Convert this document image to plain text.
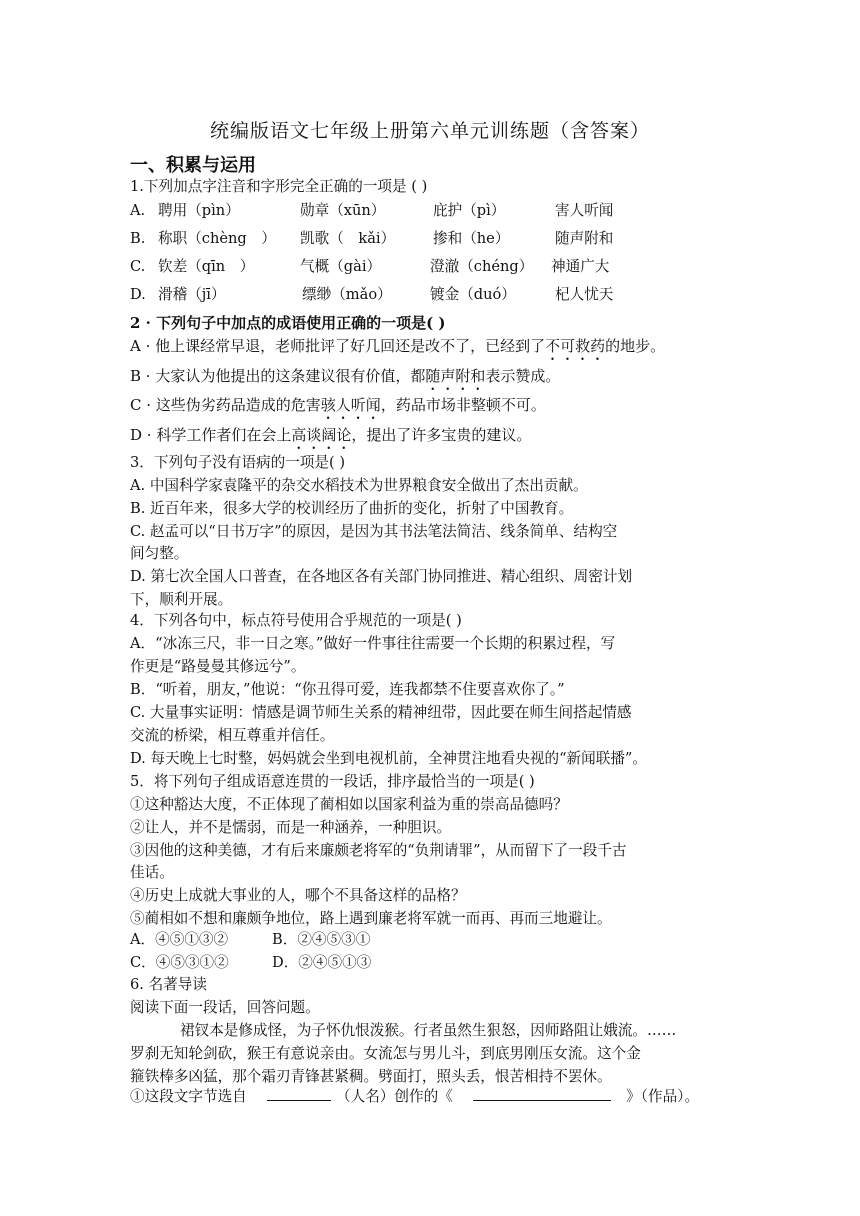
统编版语文七年级上册第六单元训练题（含答案）
一、积累与运用
1.下列加点字注音和字形完全正确的一项是 ( )
A. 聘用（pìn）	勋章（xūn）	庇护（pì）	害人听闻
B. 称职（chèng　） 凯歌（　kǎi）	掺和（he）	随声附和
C. 钦差（qīn　）	气概（gài）	澄澈（chéng） 神通广大
D. 滑稽（jī）	缥缈（mǎo）	镀金（duó）	杞人忧天
2 · 下列句子中加点的成语使用正确的一项是( )
A · 他上课经常早退，老师批评了好几回还是改不了，已经到了不可救药的地步。
B · 大家认为他提出的这条建议很有价值，都随声附和表示赞成。
C · 这些伪劣药品造成的危害骇人听闻，药品市场非整顿不可。
D · 科学工作者们在会上高谈阔论，提出了许多宝贵的建议。
3．下列句子没有语病的一项是( )
A. 中国科学家袁隆平的杂交水稻技术为世界粮食安全做出了杰出贡献。
B. 近百年来，很多大学的校训经历了曲折的变化，折射了中国教育。
C. 赵孟可以“日书万字”的原因，是因为其书法笔法简洁、线条简单、结构空
间匀整。
D. 第七次全国人口普查，在各地区各有关部门协同推进、精心组织、周密计划
下，顺利开展。
4．下列各句中，标点符号使用合乎规范的一项是( )
A．“冰冻三尺，非一日之寒。”做好一件事往往需要一个长期的积累过程，写
作更是“路曼曼其修远兮”。
B．“听着，朋友，”他说：“你丑得可爱，连我都禁不住要喜欢你了。”
C. 大量事实证明：情感是调节师生关系的精神纽带，因此要在师生间搭起情感
交流的桥梁，相互尊重并信任。
D. 每天晚上七时整，妈妈就会坐到电视机前，全神贯注地看央视的“新闻联播”。
5．将下列句子组成语意连贯的一段话，排序最恰当的一项是( )
①这种豁达大度，不正体现了蔺相如以国家利益为重的崇高品德吗？
②让人，并不是懦弱，而是一种涵养，一种胆识。
③因他的这种美德，才有后来廉颇老将军的“负荆请罪”，从而留下了一段千古
佳话。
④历史上成就大事业的人，哪个不具备这样的品格？
⑤蔺相如不想和廉颇争地位，路上遇到廉老将军就一而再、再而三地避让。
A．④⑤①③②	B．②④⑤③①
C．④⑤③①②	D．②④⑤①③
6. 名著导读
阅读下面一段话，回答问题。
裙钗本是修成怪，为子怀仇恨泼猴。行者虽然生狠怒，因师路阻让娥流。……
罗刹无知轮剑砍，猴王有意说亲由。女流怎与男儿斗，到底男刚压女流。这个金
箍铁棒多凶猛，那个霜刃青锋甚紧稠。劈面打，照头丢，恨苦相持不罢休。
①这段文字节选自	（人名）创作的《	》（作品）。
